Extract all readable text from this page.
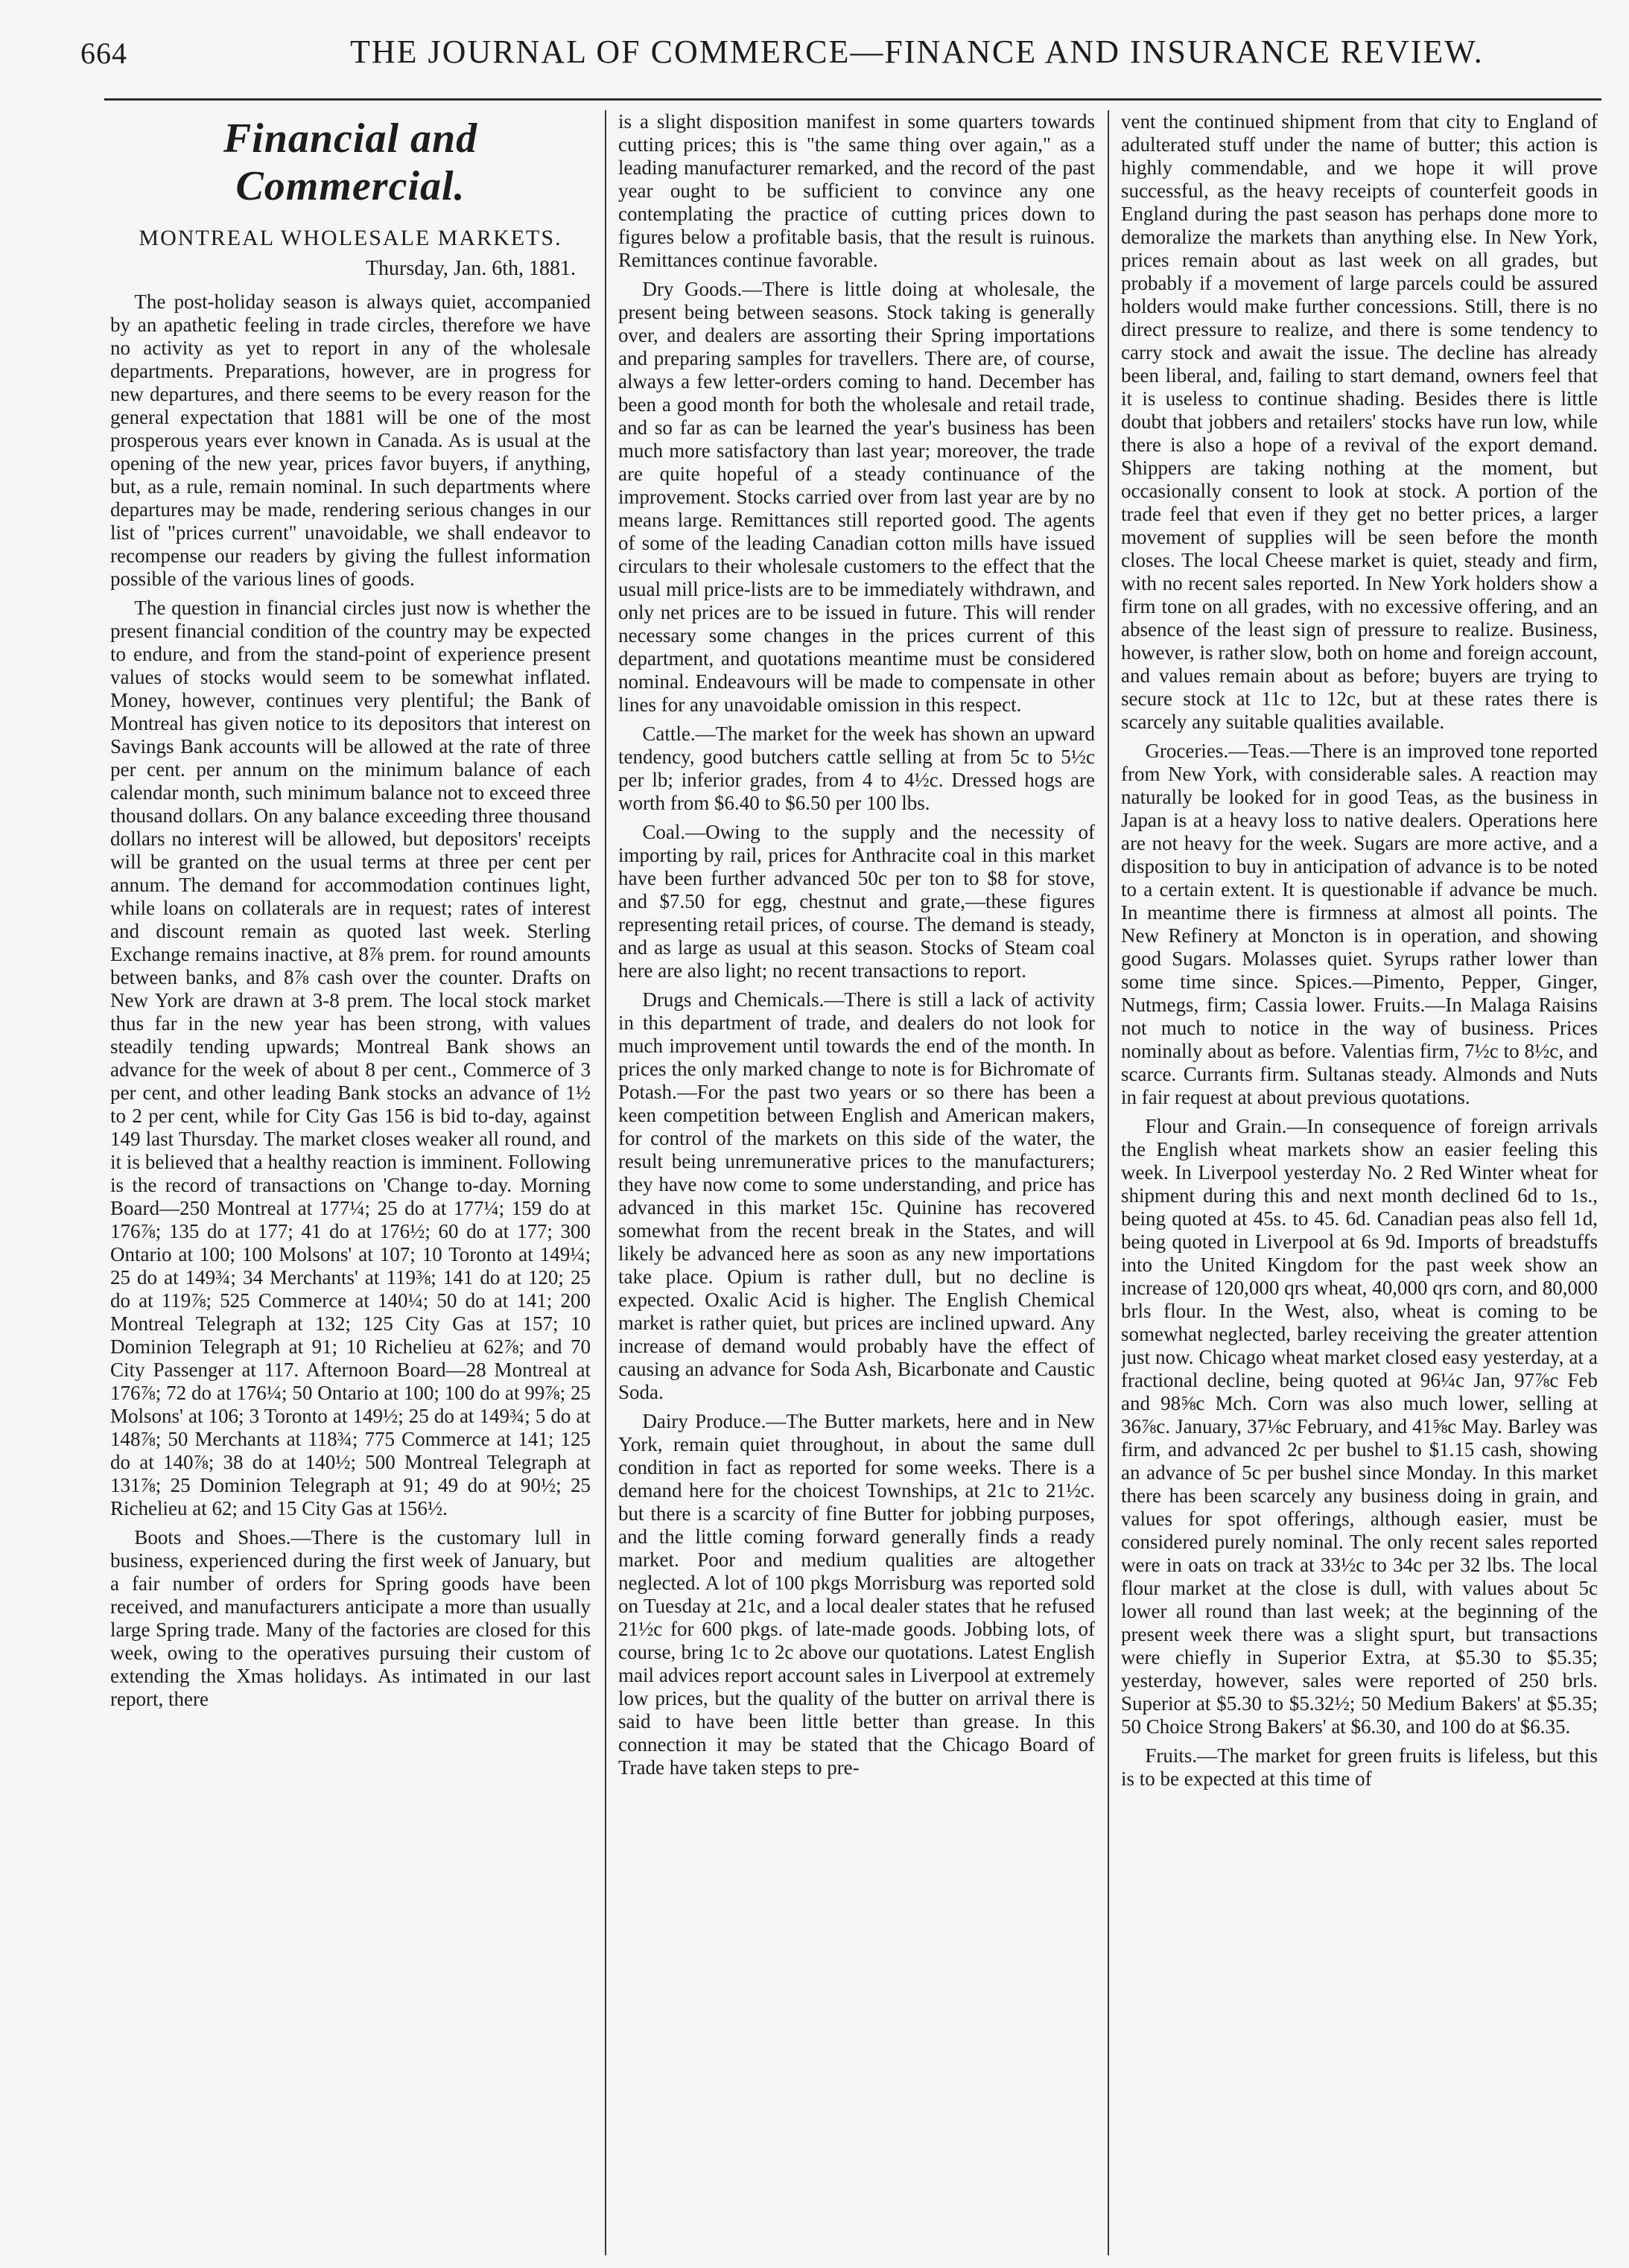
664	THE JOURNAL OF COMMERCE—FINANCE AND INSURANCE REVIEW.
Financial and Commercial.
MONTREAL WHOLESALE MARKETS.
Thursday, Jan. 6th, 1881.

The post-holiday season is always quiet, accompanied by an apathetic feeling in trade circles, therefore we have no activity as yet to report in any of the wholesale departments. Preparations, however, are in progress for new departures, and there seems to be every reason for the general expectation that 1881 will be one of the most prosperous years ever known in Canada. As is usual at the opening of the new year, prices favor buyers, if anything, but, as a rule, remain nominal. In such departments where departures may be made, rendering serious changes in our list of "prices current" unavoidable, we shall endeavor to recompense our readers by giving the fullest information possible of the various lines of goods.

The question in financial circles just now is whether the present financial condition of the country may be expected to endure, and from the stand-point of experience present values of stocks would seem to be somewhat inflated. Money, however, continues very plentiful; the Bank of Montreal has given notice to its depositors that interest on Savings Bank accounts will be allowed at the rate of three per cent. per annum on the minimum balance of each calendar month, such minimum balance not to exceed three thousand dollars. On any balance exceeding three thousand dollars no interest will be allowed, but depositors' receipts will be granted on the usual terms at three per cent per annum. The demand for accommodation continues light, while loans on collaterals are in request; rates of interest and discount remain as quoted last week. Sterling Exchange remains inactive, at 8⅞ prem. for round amounts between banks, and 8⅞ cash over the counter. Drafts on New York are drawn at 3-8 prem. The local stock market thus far in the new year has been strong, with values steadily tending upwards; Montreal Bank shows an advance for the week of about 8 per cent., Commerce of 3 per cent, and other leading Bank stocks an advance of 1½ to 2 per cent, while for City Gas 156 is bid to-day, against 149 last Thursday. The market closes weaker all round, and it is believed that a healthy reaction is imminent. Following is the record of transactions on 'Change to-day. Morning Board—250 Montreal at 177¼; 25 do at 177¼; 159 do at 176⅞; 135 do at 177; 41 do at 176½; 60 do at 177; 300 Ontario at 100; 100 Molsons' at 107; 10 Toronto at 149¼; 25 do at 149¾; 34 Merchants' at 119⅜; 141 do at 120; 25 do at 119⅞; 525 Commerce at 140¼; 50 do at 141; 200 Montreal Telegraph at 132; 125 City Gas at 157; 10 Dominion Telegraph at 91; 10 Richelieu at 62⅞; and 70 City Passenger at 117. Afternoon Board—28 Montreal at 176⅞; 72 do at 176¼; 50 Ontario at 100; 100 do at 99⅞; 25 Molsons' at 106; 3 Toronto at 149½; 25 do at 149¾; 5 do at 148⅞; 50 Merchants at 118¾; 775 Commerce at 141; 125 do at 140⅞; 38 do at 140½; 500 Montreal Telegraph at 131⅞; 25 Dominion Telegraph at 91; 49 do at 90½; 25 Richelieu at 62; and 15 City Gas at 156½.

Boots and Shoes.—There is the customary lull in business, experienced during the first week of January, but a fair number of orders for Spring goods have been received, and manufacturers anticipate a more than usually large Spring trade. Many of the factories are closed for this week, owing to the operatives pursuing their custom of extending the Xmas holidays. As intimated in our last report, there

is a slight disposition manifest in some quarters towards cutting prices; this is "the same thing over again," as a leading manufacturer remarked, and the record of the past year ought to be sufficient to convince any one contemplating the practice of cutting prices down to figures below a profitable basis, that the result is ruinous. Remittances continue favorable.

Dry Goods.—There is little doing at wholesale, the present being between seasons. Stock taking is generally over, and dealers are assorting their Spring importations and preparing samples for travellers. There are, of course, always a few letter-orders coming to hand. December has been a good month for both the wholesale and retail trade, and so far as can be learned the year's business has been much more satisfactory than last year; moreover, the trade are quite hopeful of a steady continuance of the improvement. Stocks carried over from last year are by no means large. Remittances still reported good. The agents of some of the leading Canadian cotton mills have issued circulars to their wholesale customers to the effect that the usual mill price-lists are to be immediately withdrawn, and only net prices are to be issued in future. This will render necessary some changes in the prices current of this department, and quotations meantime must be considered nominal. Endeavours will be made to compensate in other lines for any unavoidable omission in this respect.

Cattle.—The market for the week has shown an upward tendency, good butchers cattle selling at from 5c to 5½c per lb; inferior grades, from 4 to 4½c. Dressed hogs are worth from $6.40 to $6.50 per 100 lbs.

Coal.—Owing to the supply and the necessity of importing by rail, prices for Anthracite coal in this market have been further advanced 50c per ton to $8 for stove, and $7.50 for egg, chestnut and grate,—these figures representing retail prices, of course. The demand is steady, and as large as usual at this season. Stocks of Steam coal here are also light; no recent transactions to report.

Drugs and Chemicals.—There is still a lack of activity in this department of trade, and dealers do not look for much improvement until towards the end of the month. In prices the only marked change to note is for Bichromate of Potash.—For the past two years or so there has been a keen competition between English and American makers, for control of the markets on this side of the water, the result being unremunerative prices to the manufacturers; they have now come to some understanding, and price has advanced in this market 15c. Quinine has recovered somewhat from the recent break in the States, and will likely be advanced here as soon as any new importations take place. Opium is rather dull, but no decline is expected. Oxalic Acid is higher. The English Chemical market is rather quiet, but prices are inclined upward. Any increase of demand would probably have the effect of causing an advance for Soda Ash, Bicarbonate and Caustic Soda.

Dairy Produce.—The Butter markets, here and in New York, remain quiet throughout, in about the same dull condition in fact as reported for some weeks. There is a demand here for the choicest Townships, at 21c to 21½c. but there is a scarcity of fine Butter for jobbing purposes, and the little coming forward generally finds a ready market. Poor and medium qualities are altogether neglected. A lot of 100 pkgs Morrisburg was reported sold on Tuesday at 21c, and a local dealer states that he refused 21½c for 600 pkgs. of late-made goods. Jobbing lots, of course, bring 1c to 2c above our quotations. Latest English mail advices report account sales in Liverpool at extremely low prices, but the quality of the butter on arrival there is said to have been little better than grease. In this connection it may be stated that the Chicago Board of Trade have taken steps to pre-

vent the continued shipment from that city to England of adulterated stuff under the name of butter; this action is highly commendable, and we hope it will prove successful, as the heavy receipts of counterfeit goods in England during the past season has perhaps done more to demoralize the markets than anything else. In New York, prices remain about as last week on all grades, but probably if a movement of large parcels could be assured holders would make further concessions. Still, there is no direct pressure to realize, and there is some tendency to carry stock and await the issue. The decline has already been liberal, and, failing to start demand, owners feel that it is useless to continue shading. Besides there is little doubt that jobbers and retailers' stocks have run low, while there is also a hope of a revival of the export demand. Shippers are taking nothing at the moment, but occasionally consent to look at stock. A portion of the trade feel that even if they get no better prices, a larger movement of supplies will be seen before the month closes. The local Cheese market is quiet, steady and firm, with no recent sales reported. In New York holders show a firm tone on all grades, with no excessive offering, and an absence of the least sign of pressure to realize. Business, however, is rather slow, both on home and foreign account, and values remain about as before; buyers are trying to secure stock at 11c to 12c, but at these rates there is scarcely any suitable qualities available.

Groceries.—Teas.—There is an improved tone reported from New York, with considerable sales. A reaction may naturally be looked for in good Teas, as the business in Japan is at a heavy loss to native dealers. Operations here are not heavy for the week. Sugars are more active, and a disposition to buy in anticipation of advance is to be noted to a certain extent. It is questionable if advance be much. In meantime there is firmness at almost all points. The New Refinery at Moncton is in operation, and showing good Sugars. Molasses quiet. Syrups rather lower than some time since. Spices.—Pimento, Pepper, Ginger, Nutmegs, firm; Cassia lower. Fruits.—In Malaga Raisins not much to notice in the way of business. Prices nominally about as before. Valentias firm, 7½c to 8½c, and scarce. Currants firm. Sultanas steady. Almonds and Nuts in fair request at about previous quotations.

Flour and Grain.—In consequence of foreign arrivals the English wheat markets show an easier feeling this week. In Liverpool yesterday No. 2 Red Winter wheat for shipment during this and next month declined 6d to 1s., being quoted at 45s. to 45. 6d. Canadian peas also fell 1d, being quoted in Liverpool at 6s 9d. Imports of breadstuffs into the United Kingdom for the past week show an increase of 120,000 qrs wheat, 40,000 qrs corn, and 80,000 brls flour. In the West, also, wheat is coming to be somewhat neglected, barley receiving the greater attention just now. Chicago wheat market closed easy yesterday, at a fractional decline, being quoted at 96¼c Jan, 97⅞c Feb and 98⅝c Mch. Corn was also much lower, selling at 36⅞c. January, 37⅛c February, and 41⅝c May. Barley was firm, and advanced 2c per bushel to $1.15 cash, showing an advance of 5c per bushel since Monday. In this market there has been scarcely any business doing in grain, and values for spot offerings, although easier, must be considered purely nominal. The only recent sales reported were in oats on track at 33½c to 34c per 32 lbs. The local flour market at the close is dull, with values about 5c lower all round than last week; at the beginning of the present week there was a slight spurt, but transactions were chiefly in Superior Extra, at $5.30 to $5.35; yesterday, however, sales were reported of 250 brls. Superior at $5.30 to $5.32½; 50 Medium Bakers' at $5.35; 50 Choice Strong Bakers' at $6.30, and 100 do at $6.35.

Fruits.—The market for green fruits is lifeless, but this is to be expected at this time of
